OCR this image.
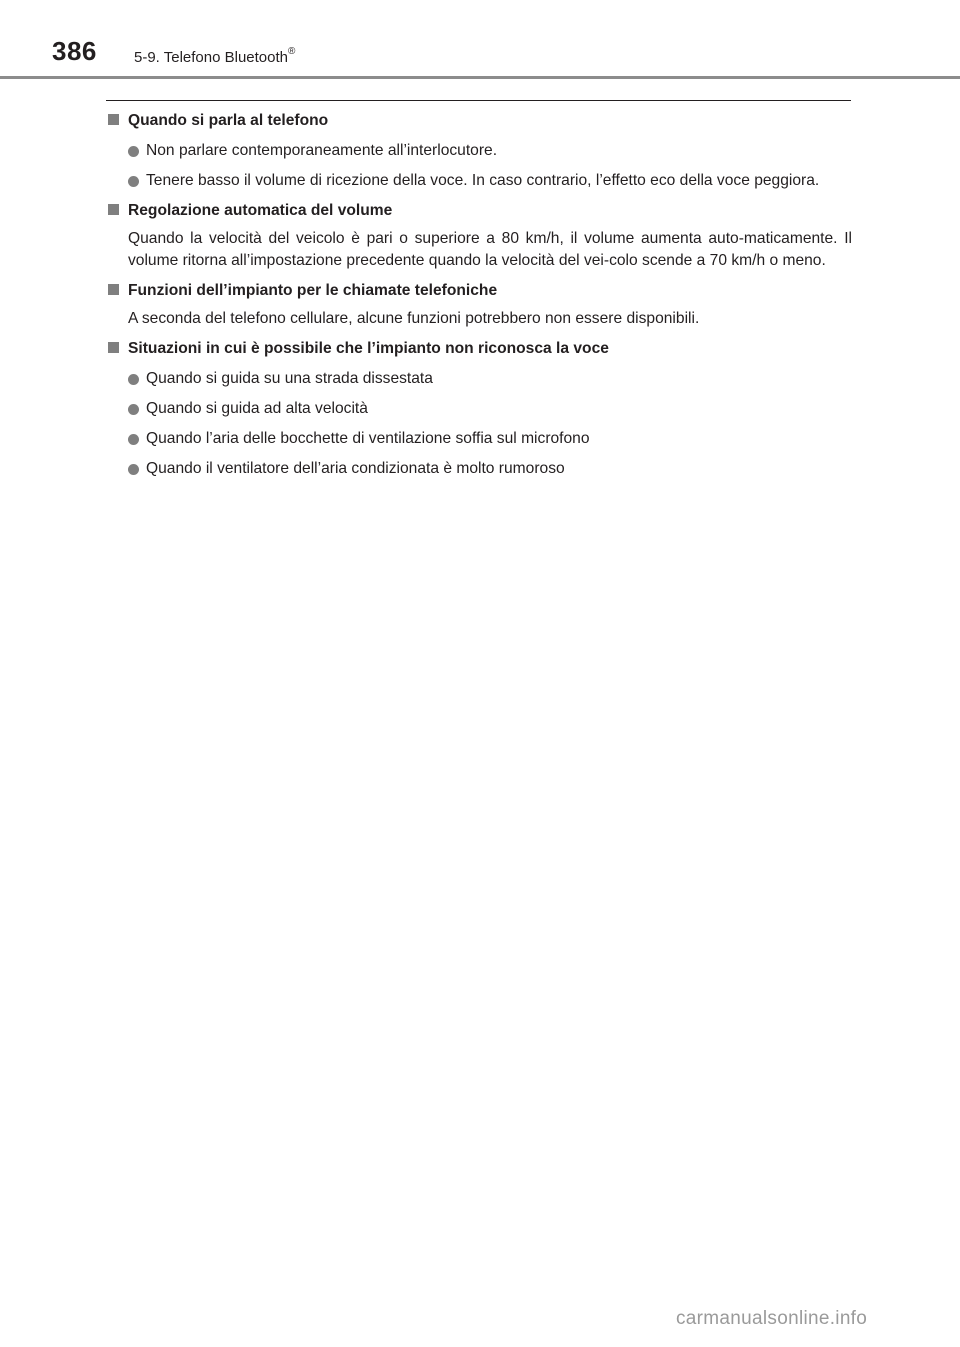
386 5-9. Telefono Bluetooth®
Quando si parla al telefono
Non parlare contemporaneamente all’interlocutore.
Tenere basso il volume di ricezione della voce. In caso contrario, l’effetto eco della voce peggiora.
Regolazione automatica del volume
Quando la velocità del veicolo è pari o superiore a 80 km/h, il volume aumenta auto-maticamente. Il volume ritorna all’impostazione precedente quando la velocità del vei-colo scende a 70 km/h o meno.
Funzioni dell’impianto per le chiamate telefoniche
A seconda del telefono cellulare, alcune funzioni potrebbero non essere disponibili.
Situazioni in cui è possibile che l’impianto non riconosca la voce
Quando si guida su una strada dissestata
Quando si guida ad alta velocità
Quando l’aria delle bocchette di ventilazione soffia sul microfono
Quando il ventilatore dell’aria condizionata è molto rumoroso
carmanualsonline.info
